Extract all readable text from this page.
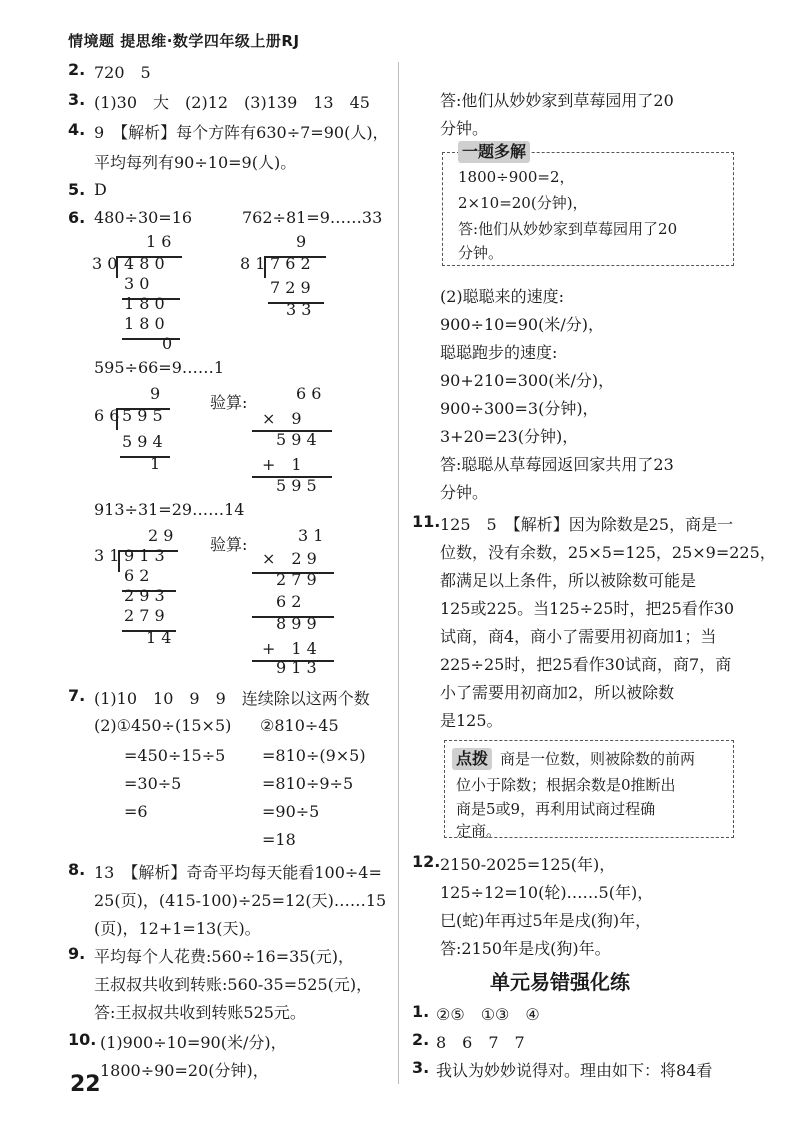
情境题 提思维·数学四年级上册RJ
2. 720　5
3. (1)30　大　(2)12　(3)139　13　45
4. 9　【解析】每个方阵有630÷7=90(人)，
平均每列有90÷10=9(人)。
5. D
6. 480÷30=16	762÷81=9……33
1 6
3 0 4 8 0
3 0
1 8 0
1 8 0
0
9
8 1 7 6 2
7 2 9
3 3
595÷66=9……1
9
6 6 5 9 5
5 9 4
1
验算:	6 6
×　9
5 9 4
+　1
5 9 5
913÷31=29……14
2 9
3 1 9 1 3
6 2
2 9 3
2 7 9
1 4
验算:	3 1
×　2 9
2 7 9
6 2
8 9 9
+　1 4
9 1 3
7. (1)10　10　9　9　连续除以这两个数
(2)①450÷(15×5) ②810÷45
=450÷15÷5 =810÷(9×5)
=30÷5	=810÷9÷5
=6	=90÷5
=18
8. 13　【解析】奇奇平均每天能看100÷4=
25(页)，(415-100)÷25=12(天)……15
(页)，12+1=13(天)。
9. 平均每个人花费:560÷16=35(元)，
王叔叔共收到转账:560-35=525(元)，
答:王叔叔共收到转账525元。
10. (1)900÷10=90(米/分)，
1800÷90=20(分钟)，
22
答:他们从妙妙家到草莓园用了20
分钟。
一题多解
1800÷900=2，
2×10=20(分钟)，
答:他们从妙妙家到草莓园用了20
分钟。
(2)聪聪来的速度:
900÷10=90(米/分)，
聪聪跑步的速度:
90+210=300(米/分)，
900÷300=3(分钟)，
3+20=23(分钟)，
答:聪聪从草莓园返回家共用了23
分钟。
11. 125　5　【解析】因为除数是25，商是一
位数，没有余数，25×5=125，25×9=225，
都满足以上条件，所以被除数可能是
125或225。当125÷25时，把25看作30
试商，商4，商小了需要用初商加1；当
225÷25时，把25看作30试商，商7，商
小了需要用初商加2，所以被除数
是125。
点拨 商是一位数，则被除数的前两
位小于除数；根据余数是0推断出
商是5或9，再利用试商过程确
定商。
12. 2150-2025=125(年)，
125÷12=10(轮)……5(年)，
巳(蛇)年再过5年是戌(狗)年，
答:2150年是戌(狗)年。
单元易错强化练
1. ②⑤　①③　④
2. 8　6　7　7
3. 我认为妙妙说得对。理由如下：将84看
